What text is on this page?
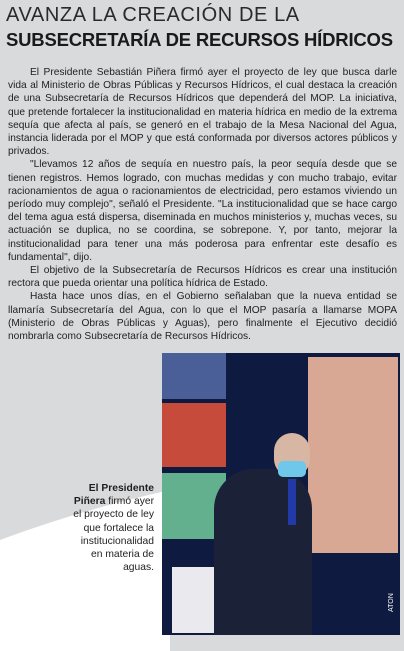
AVANZA LA CREACIÓN DE LA
SUBSECRETARÍA DE RECURSOS HÍDRICOS

El Presidente Sebastián Piñera firmó ayer el proyecto de ley que busca darle vida al Ministerio de Obras Públicas y Recursos Hídricos, el cual destaca la creación de una Subsecretaría de Recursos Hídricos que dependerá del MOP. La iniciativa, que pretende fortalecer la institucionalidad en materia hídrica en medio de la extrema sequía que afecta al país, se generó en el trabajo de la Mesa Nacional del Agua, instancia liderada por el MOP y que está conformada por diversos actores públicos y privados.

"Llevamos 12 años de sequía en nuestro país, la peor sequía desde que se tienen registros. Hemos logrado, con muchas medidas y con mucho trabajo, evitar racionamientos de agua o racionamientos de electricidad, pero estamos viviendo un período muy complejo", señaló el Presidente. "La institucionalidad que se hace cargo del tema agua está dispersa, diseminada en muchos ministerios y, muchas veces, su actuación se duplica, no se coordina, se sobrepone. Y, por tanto, mejorar la institucionalidad para tener una más poderosa para enfrentar este desafío es fundamental", dijo.

El objetivo de la Subsecretaría de Recursos Hídricos es crear una institución rectora que pueda orientar una política hídrica de Estado.

Hasta hace unos días, en el Gobierno señalaban que la nueva entidad se llamaría Subsecretaría del Agua, con lo que el MOP pasaría a llamarse MOPA (Ministerio de Obras Públicas y Aguas), pero finalmente el Ejecutivo decidió nombrarla como Subsecretaría de Recursos Hídricos.

El Presidente Piñera firmó ayer el proyecto de ley que fortalece la institucionalidad en materia de aguas.
ATON
